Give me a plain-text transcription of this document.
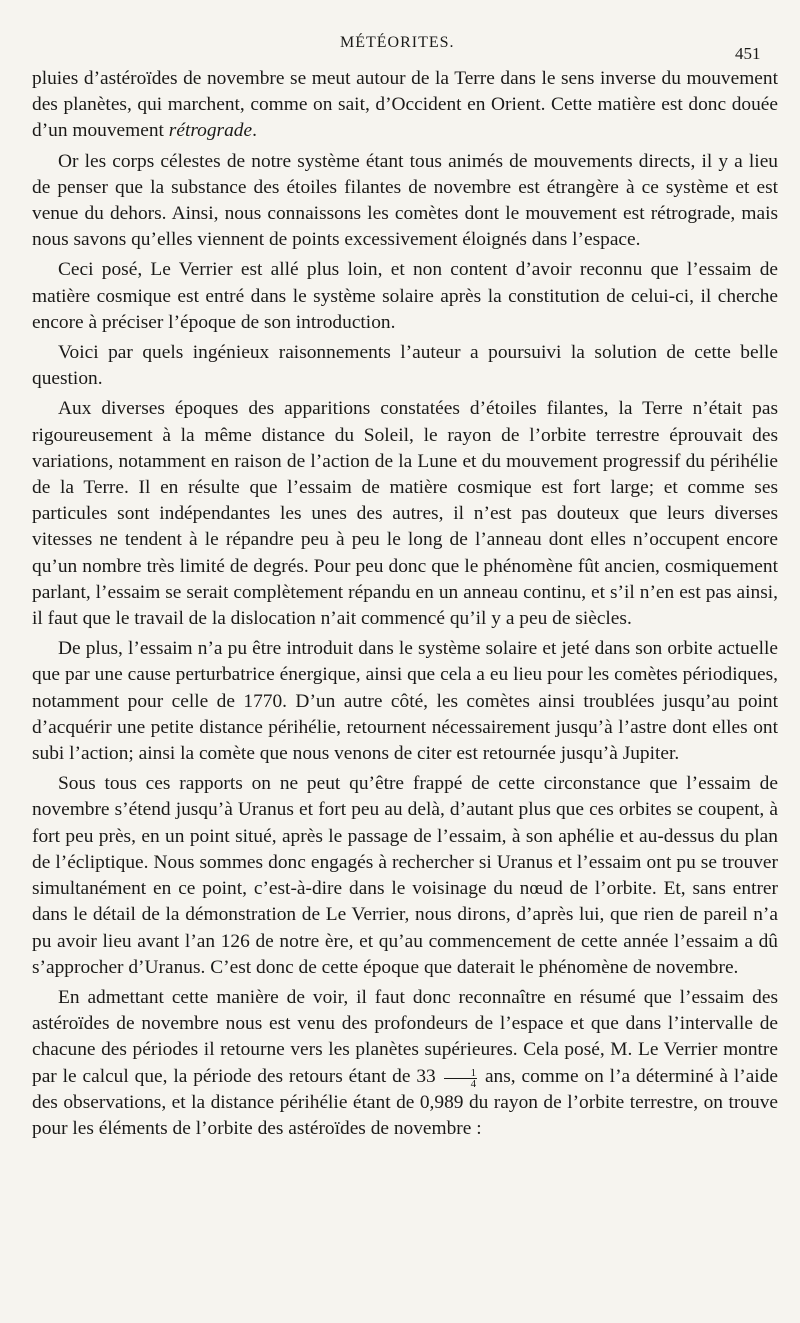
MÉTÉORITES.
451

pluies d’astéroïdes de novembre se meut autour de la Terre dans le sens inverse du mouvement des planètes, qui marchent, comme on sait, d’Occident en Orient. Cette matière est donc douée d’un mouvement rétrograde.

Or les corps célestes de notre système étant tous animés de mouvements directs, il y a lieu de penser que la substance des étoiles filantes de novembre est étrangère à ce système et est venue du dehors. Ainsi, nous connaissons les comètes dont le mouvement est rétrograde, mais nous savons qu’elles viennent de points excessivement éloignés dans l’espace.

Ceci posé, Le Verrier est allé plus loin, et non content d’avoir reconnu que l’essaim de matière cosmique est entré dans le système solaire après la constitution de celui-ci, il cherche encore à préciser l’époque de son introduction.

Voici par quels ingénieux raisonnements l’auteur a poursuivi la solution de cette belle question.

Aux diverses époques des apparitions constatées d’étoiles filantes, la Terre n’était pas rigoureusement à la même distance du Soleil, le rayon de l’orbite terrestre éprouvait des variations, notamment en raison de l’action de la Lune et du mouvement progressif du périhélie de la Terre. Il en résulte que l’essaim de matière cosmique est fort large; et comme ses particules sont indépendantes les unes des autres, il n’est pas douteux que leurs diverses vitesses ne tendent à le répandre peu à peu le long de l’anneau dont elles n’occupent encore qu’un nombre très limité de degrés. Pour peu donc que le phénomène fût ancien, cosmiquement parlant, l’essaim se serait complètement répandu en un anneau continu, et s’il n’en est pas ainsi, il faut que le travail de la dislocation n’ait commencé qu’il y a peu de siècles.

De plus, l’essaim n’a pu être introduit dans le système solaire et jeté dans son orbite actuelle que par une cause perturbatrice énergique, ainsi que cela a eu lieu pour les comètes périodiques, notamment pour celle de 1770. D’un autre côté, les comètes ainsi troublées jusqu’au point d’acquérir une petite distance périhélie, retournent nécessairement jusqu’à l’astre dont elles ont subi l’action; ainsi la comète que nous venons de citer est retournée jusqu’à Jupiter.

Sous tous ces rapports on ne peut qu’être frappé de cette circonstance que l’essaim de novembre s’étend jusqu’à Uranus et fort peu au delà, d’autant plus que ces orbites se coupent, à fort peu près, en un point situé, après le passage de l’essaim, à son aphélie et au-dessus du plan de l’écliptique. Nous sommes donc engagés à rechercher si Uranus et l’essaim ont pu se trouver simultanément en ce point, c’est-à-dire dans le voisinage du nœud de l’orbite. Et, sans entrer dans le détail de la démonstration de Le Verrier, nous dirons, d’après lui, que rien de pareil n’a pu avoir lieu avant l’an 126 de notre ère, et qu’au commencement de cette année l’essaim a dû s’approcher d’Uranus. C’est donc de cette époque que daterait le phénomène de novembre.

En admettant cette manière de voir, il faut donc reconnaître en résumé que l’essaim des astéroïdes de novembre nous est venu des profondeurs de l’espace et que dans l’intervalle de chacune des périodes il retourne vers les planètes supérieures. Cela posé, M. Le Verrier montre par le calcul que, la période des retours étant de $33 \frac{1}{4}$ ans, comme on l’a déterminé à l’aide des observations, et la distance périhélie étant de 0,989 du rayon de l’orbite terrestre, on trouve pour les éléments de l’orbite des astéroïdes de novembre :
